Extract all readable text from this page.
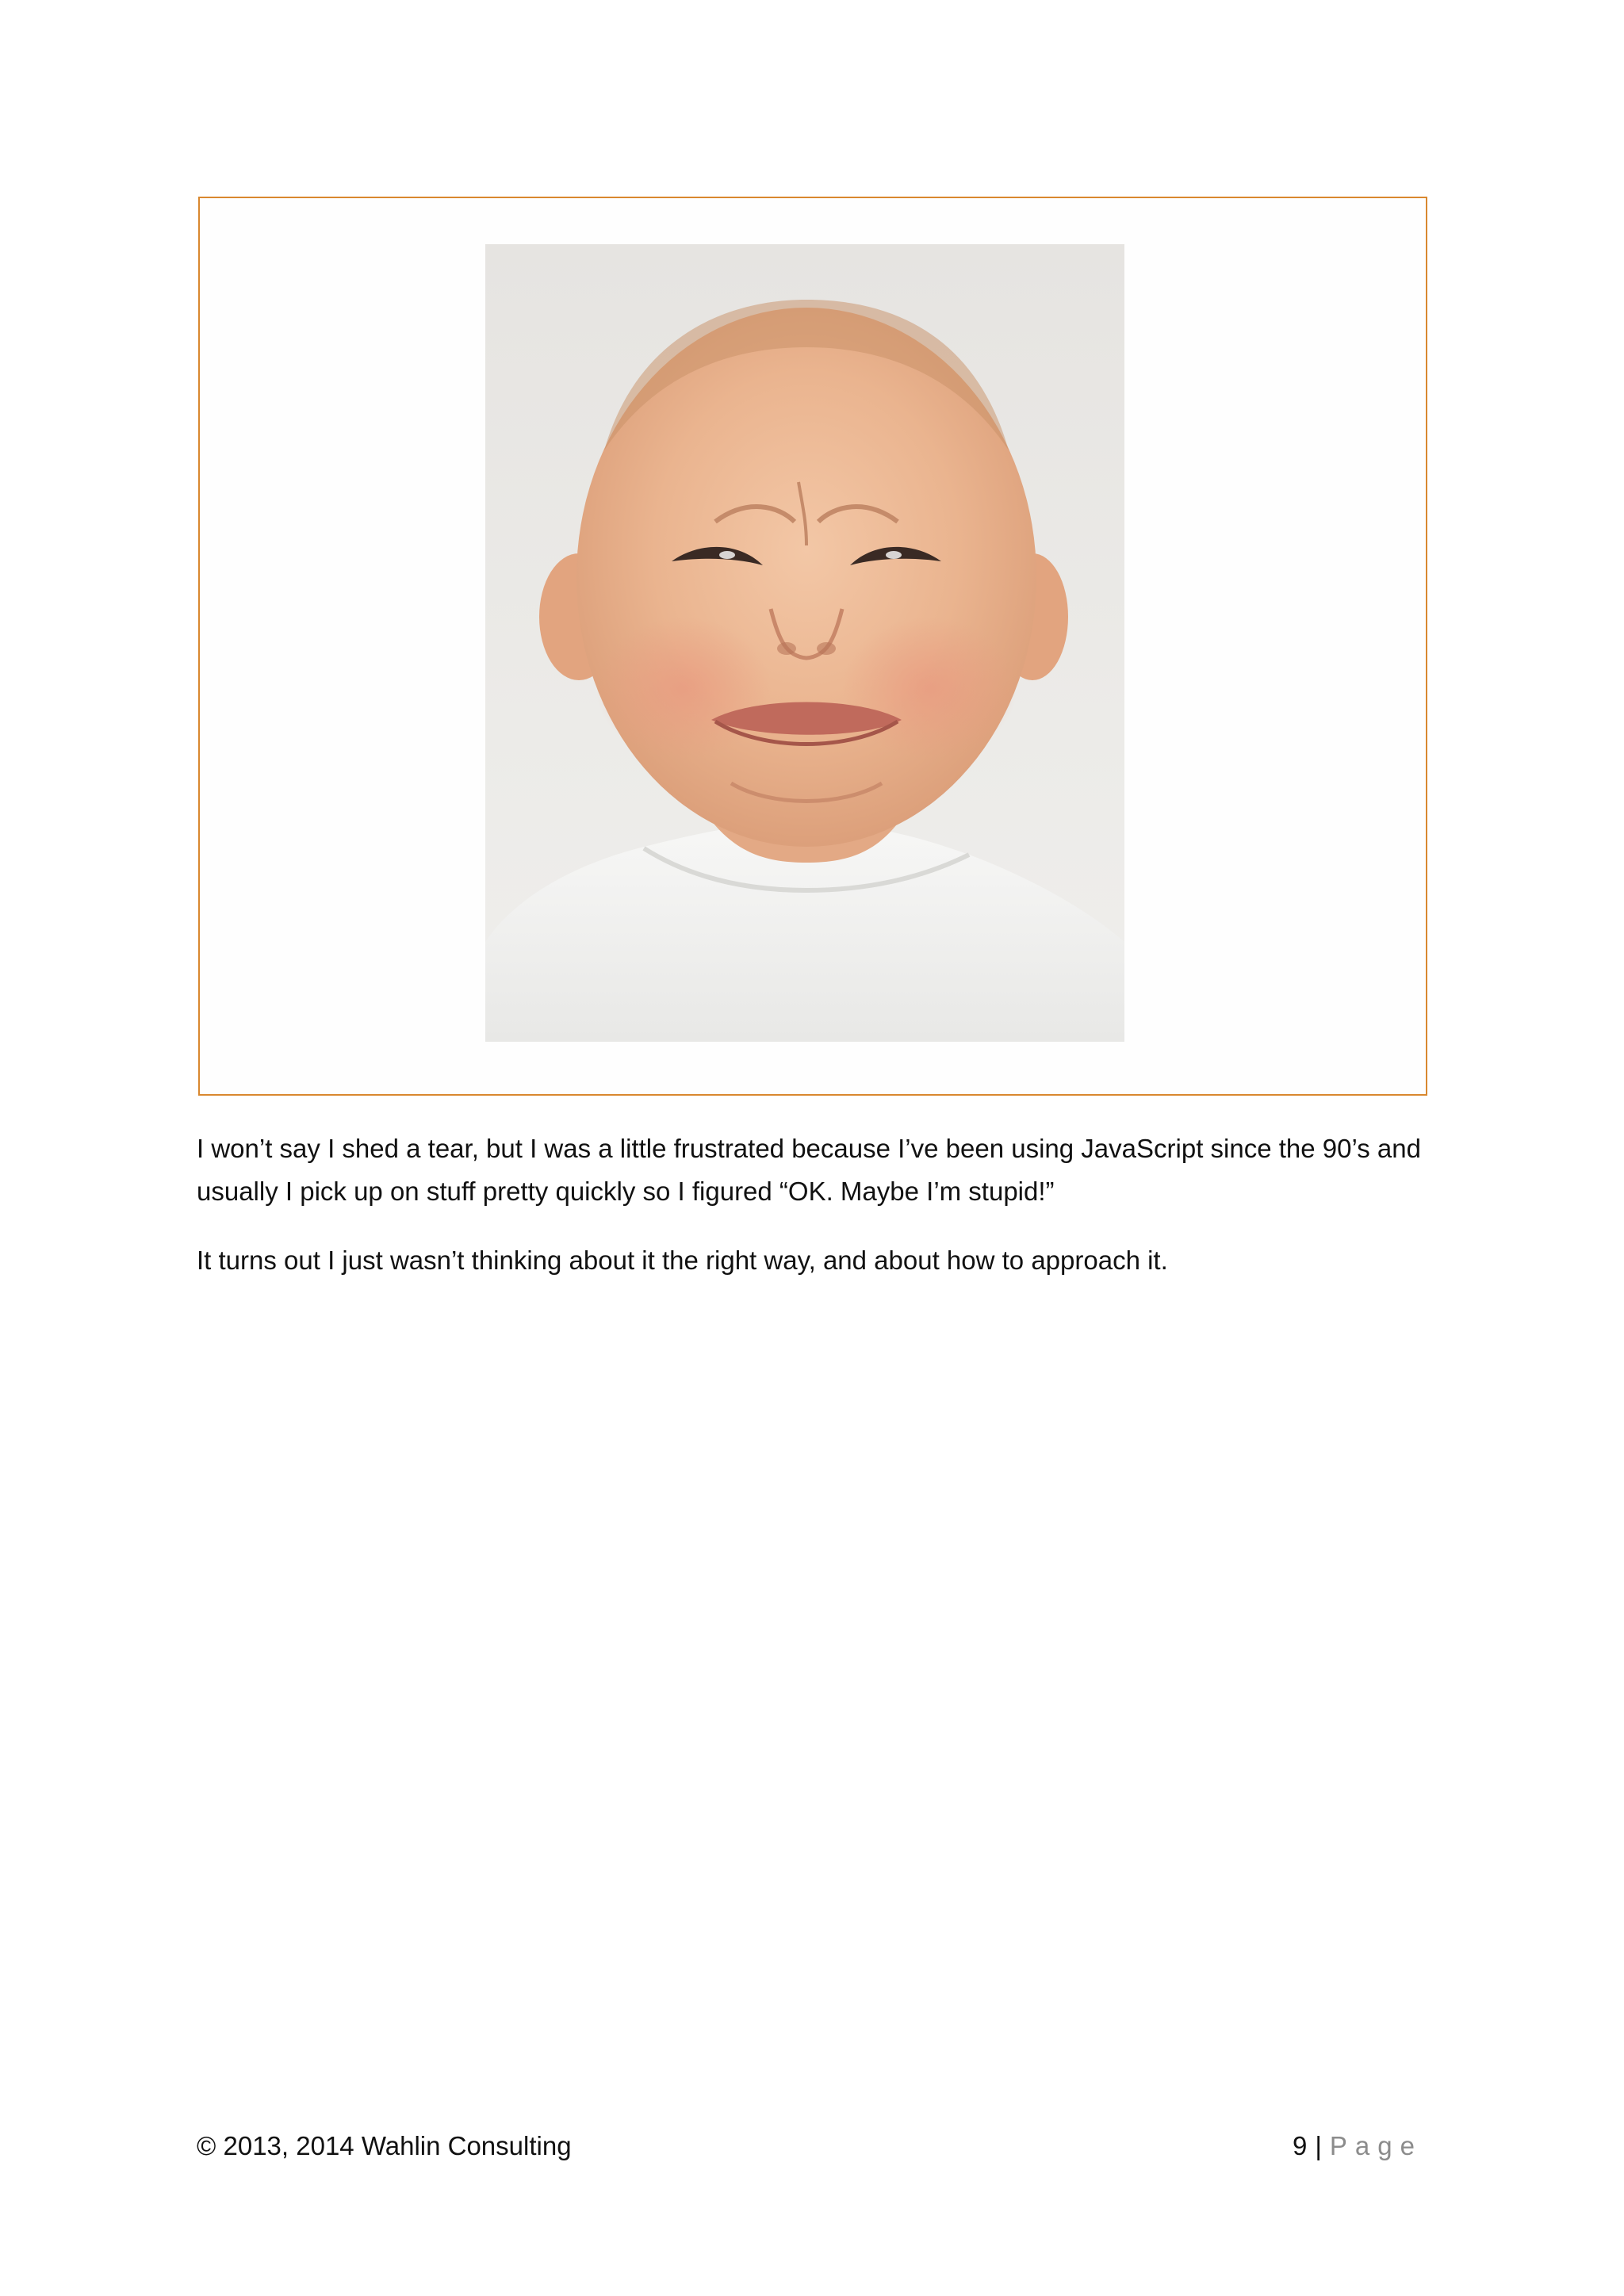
I won’t say I shed a tear, but I was a little frustrated because I’ve been using JavaScript since the 90’s and usually I pick up on stuff pretty quickly so I figured “OK. Maybe I’m stupid!”
It turns out I just wasn’t thinking about it the right way, and about how to approach it.
© 2013, 2014 Wahlin Consulting	9 | Page
